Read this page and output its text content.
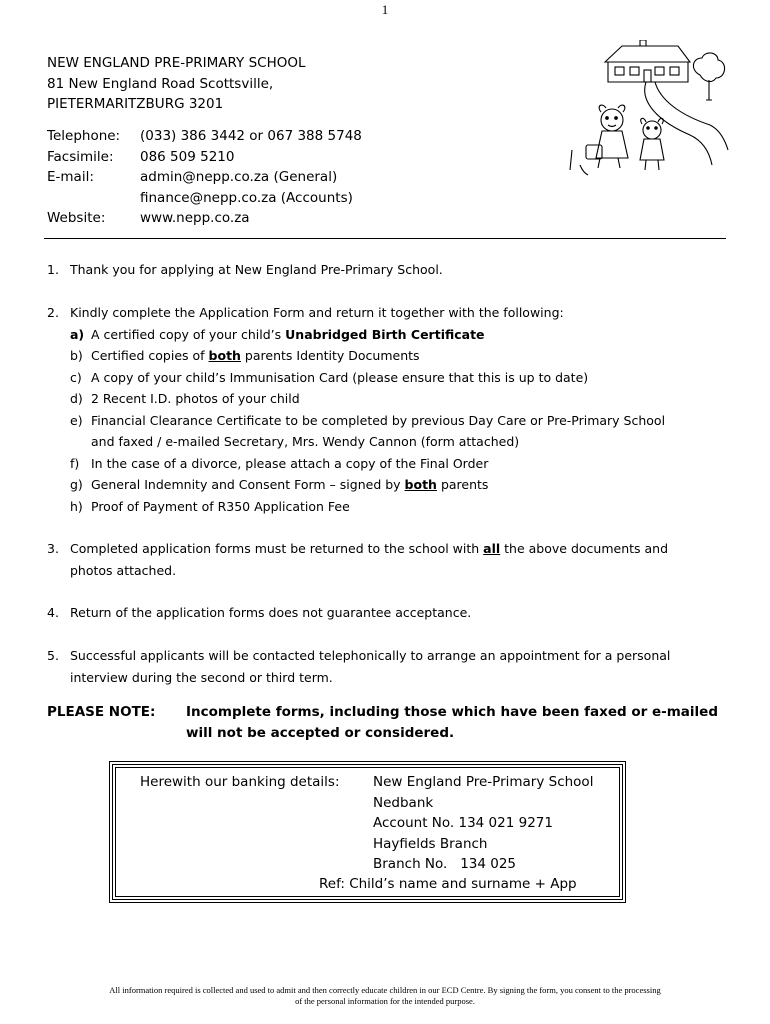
1
NEW ENGLAND PRE-PRIMARY SCHOOL
81 New England Road Scottsville,
PIETERMARITZBURG 3201
Telephone:	(033) 386 3442 or 067 388 5748
Facsimile:	086 509 5210
E-mail:	admin@nepp.co.za (General)
finance@nepp.co.za (Accounts)
Website:	www.nepp.co.za
1. Thank you for applying at New England Pre-Primary School.
2. Kindly complete the Application Form and return it together with the following:
a) A certified copy of your child’s Unabridged Birth Certificate
b) Certified copies of both parents Identity Documents
c) A copy of your child’s Immunisation Card (please ensure that this is up to date)
d) 2 Recent I.D. photos of your child
e) Financial Clearance Certificate to be completed by previous Day Care or Pre-Primary School
and faxed / e-mailed Secretary, Mrs. Wendy Cannon (form attached)
f) In the case of a divorce, please attach a copy of the Final Order
g) General Indemnity and Consent Form – signed by both parents
h) Proof of Payment of R350 Application Fee
3. Completed application forms must be returned to the school with all the above documents and
photos attached.
4. Return of the application forms does not guarantee acceptance.
5. Successful applicants will be contacted telephonically to arrange an appointment for a personal
interview during the second or third term.
PLEASE NOTE:	Incomplete forms, including those which have been faxed or e-mailed
will not be accepted or considered.
Herewith our banking details: New England Pre-Primary School
Nedbank
Account No. 134 021 9271
Hayfields Branch
Branch No.   134 025
Ref: Child’s name and surname + App
All information required is collected and used to admit and then correctly educate children in our ECD Centre. By signing the form, you consent to the processing
of the personal information for the intended purpose.
